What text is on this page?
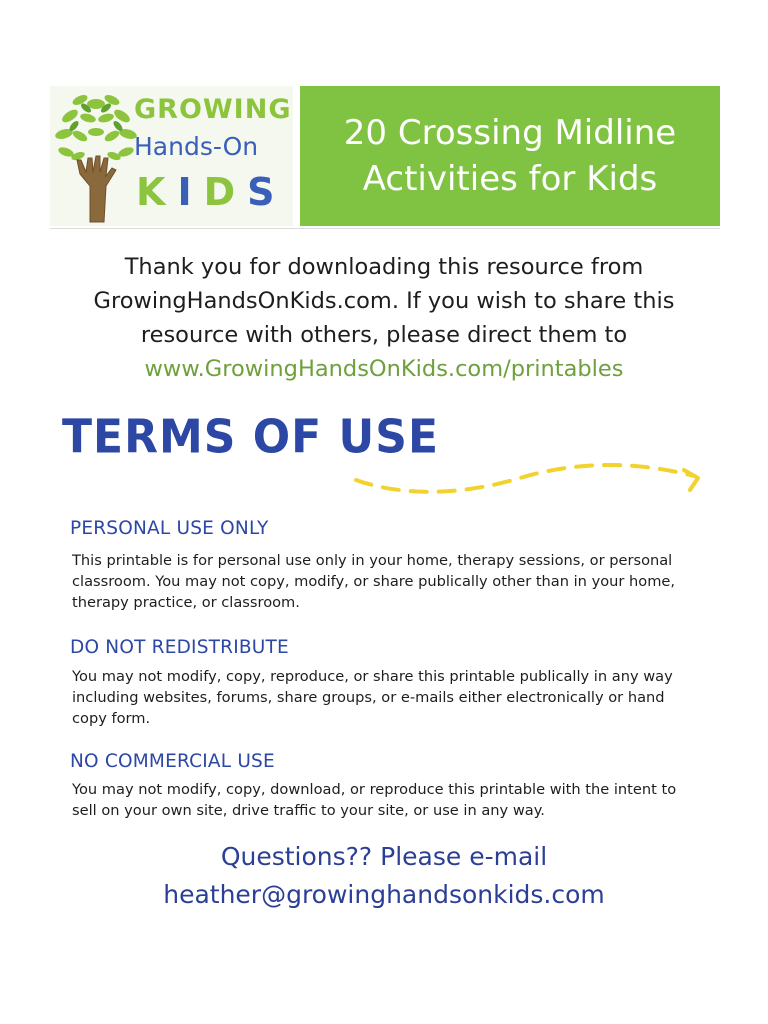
GROWING
Hands-On
KIDS
20 Crossing Midline
Activities for Kids
Thank you for downloading this resource from
GrowingHandsOnKids.com. If you wish to share this
resource with others, please direct them to
www.GrowingHandsOnKids.com/printables
TERMS OF USE
PERSONAL USE ONLY
This printable is for personal use only in your home, therapy sessions, or personal
classroom. You may not copy, modify, or share publically other than in your home,
therapy practice, or classroom.
DO NOT REDISTRIBUTE
You may not modify, copy, reproduce, or share this printable publically in any way
including websites, forums, share groups, or e-mails either electronically or hand
copy form.
NO COMMERCIAL USE
You may not modify, copy, download, or reproduce this printable with the intent to
sell on your own site, drive traffic to your site, or use in any way.
Questions?? Please e-mail
heather@growinghandsonkids.com
